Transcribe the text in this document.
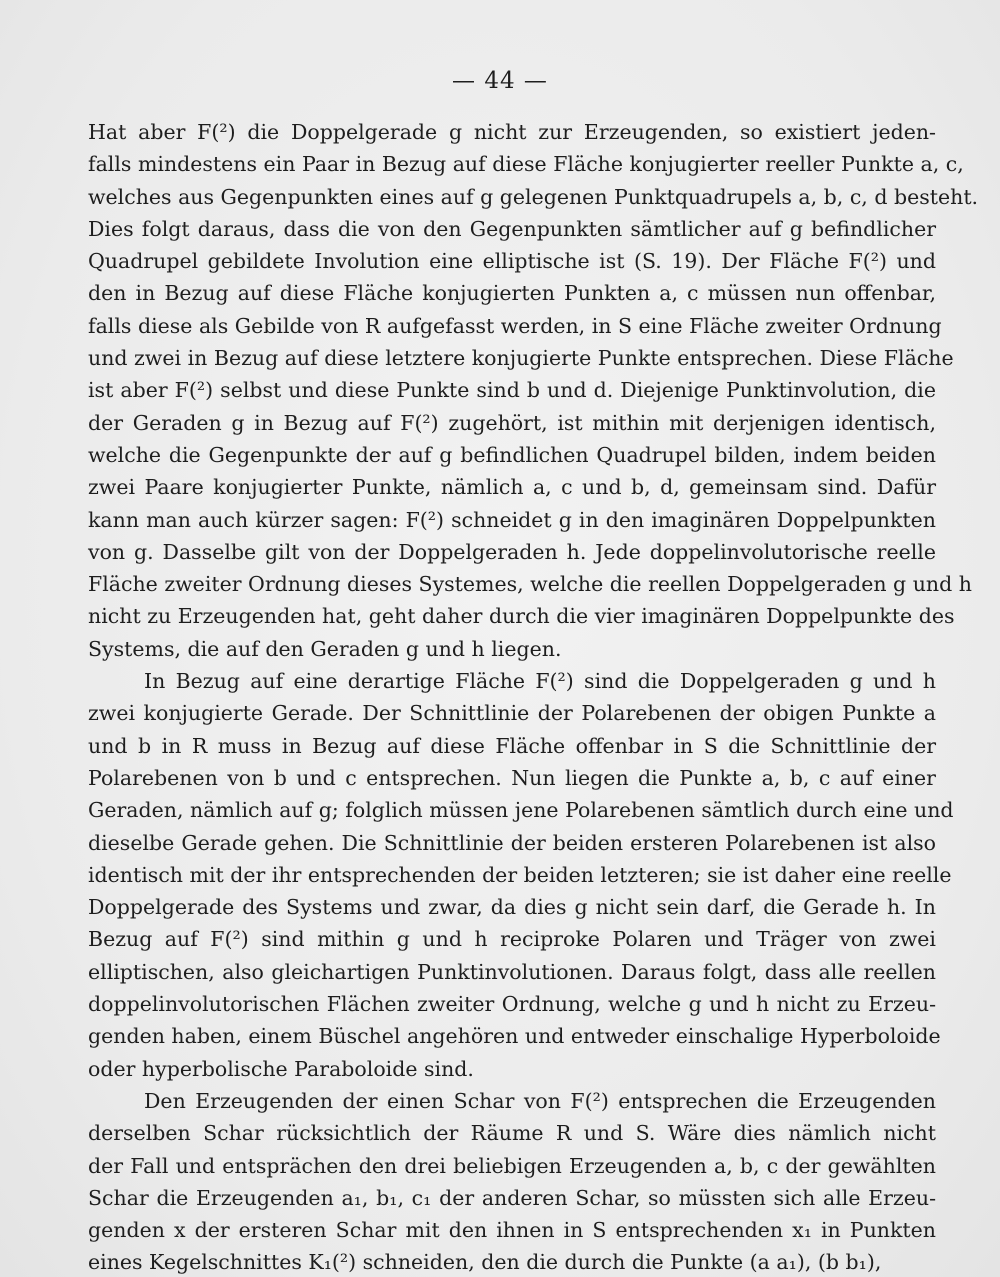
— 44 —
Hat aber F(²) die Doppelgerade g nicht zur Erzeugenden, so existiert jeden-
falls mindestens ein Paar in Bezug auf diese Fläche konjugierter reeller Punkte a, c,
welches aus Gegenpunkten eines auf g gelegenen Punktquadrupels a, b, c, d besteht.
Dies folgt daraus, dass die von den Gegenpunkten sämtlicher auf g befindlicher
Quadrupel gebildete Involution eine elliptische ist (S. 19). Der Fläche F(²) und
den in Bezug auf diese Fläche konjugierten Punkten a, c müssen nun offenbar,
falls diese als Gebilde von R aufgefasst werden, in S eine Fläche zweiter Ordnung
und zwei in Bezug auf diese letztere konjugierte Punkte entsprechen. Diese Fläche
ist aber F(²) selbst und diese Punkte sind b und d. Diejenige Punktinvolution, die
der Geraden g in Bezug auf F(²) zugehört, ist mithin mit derjenigen identisch,
welche die Gegenpunkte der auf g befindlichen Quadrupel bilden, indem beiden
zwei Paare konjugierter Punkte, nämlich a, c und b, d, gemeinsam sind. Dafür
kann man auch kürzer sagen: F(²) schneidet g in den imaginären Doppelpunkten
von g. Dasselbe gilt von der Doppelgeraden h. Jede doppelinvolutorische reelle
Fläche zweiter Ordnung dieses Systemes, welche die reellen Doppelgeraden g und h
nicht zu Erzeugenden hat, geht daher durch die vier imaginären Doppelpunkte des
Systems, die auf den Geraden g und h liegen.
In Bezug auf eine derartige Fläche F(²) sind die Doppelgeraden g und h
zwei konjugierte Gerade. Der Schnittlinie der Polarebenen der obigen Punkte a
und b in R muss in Bezug auf diese Fläche offenbar in S die Schnittlinie der
Polarebenen von b und c entsprechen. Nun liegen die Punkte a, b, c auf einer
Geraden, nämlich auf g; folglich müssen jene Polarebenen sämtlich durch eine und
dieselbe Gerade gehen. Die Schnittlinie der beiden ersteren Polarebenen ist also
identisch mit der ihr entsprechenden der beiden letzteren; sie ist daher eine reelle
Doppelgerade des Systems und zwar, da dies g nicht sein darf, die Gerade h. In
Bezug auf F(²) sind mithin g und h reciproke Polaren und Träger von zwei
elliptischen, also gleichartigen Punktinvolutionen. Daraus folgt, dass alle reellen
doppelinvolutorischen Flächen zweiter Ordnung, welche g und h nicht zu Erzeu-
genden haben, einem Büschel angehören und entweder einschalige Hyperboloide
oder hyperbolische Paraboloide sind.
Den Erzeugenden der einen Schar von F(²) entsprechen die Erzeugenden
derselben Schar rücksichtlich der Räume R und S. Wäre dies nämlich nicht
der Fall und entsprächen den drei beliebigen Erzeugenden a, b, c der gewählten
Schar die Erzeugenden a₁, b₁, c₁ der anderen Schar, so müssten sich alle Erzeu-
genden x der ersteren Schar mit den ihnen in S entsprechenden x₁ in Punkten
eines Kegelschnittes K₁(²) schneiden, den die durch die Punkte (a a₁), (b b₁),
